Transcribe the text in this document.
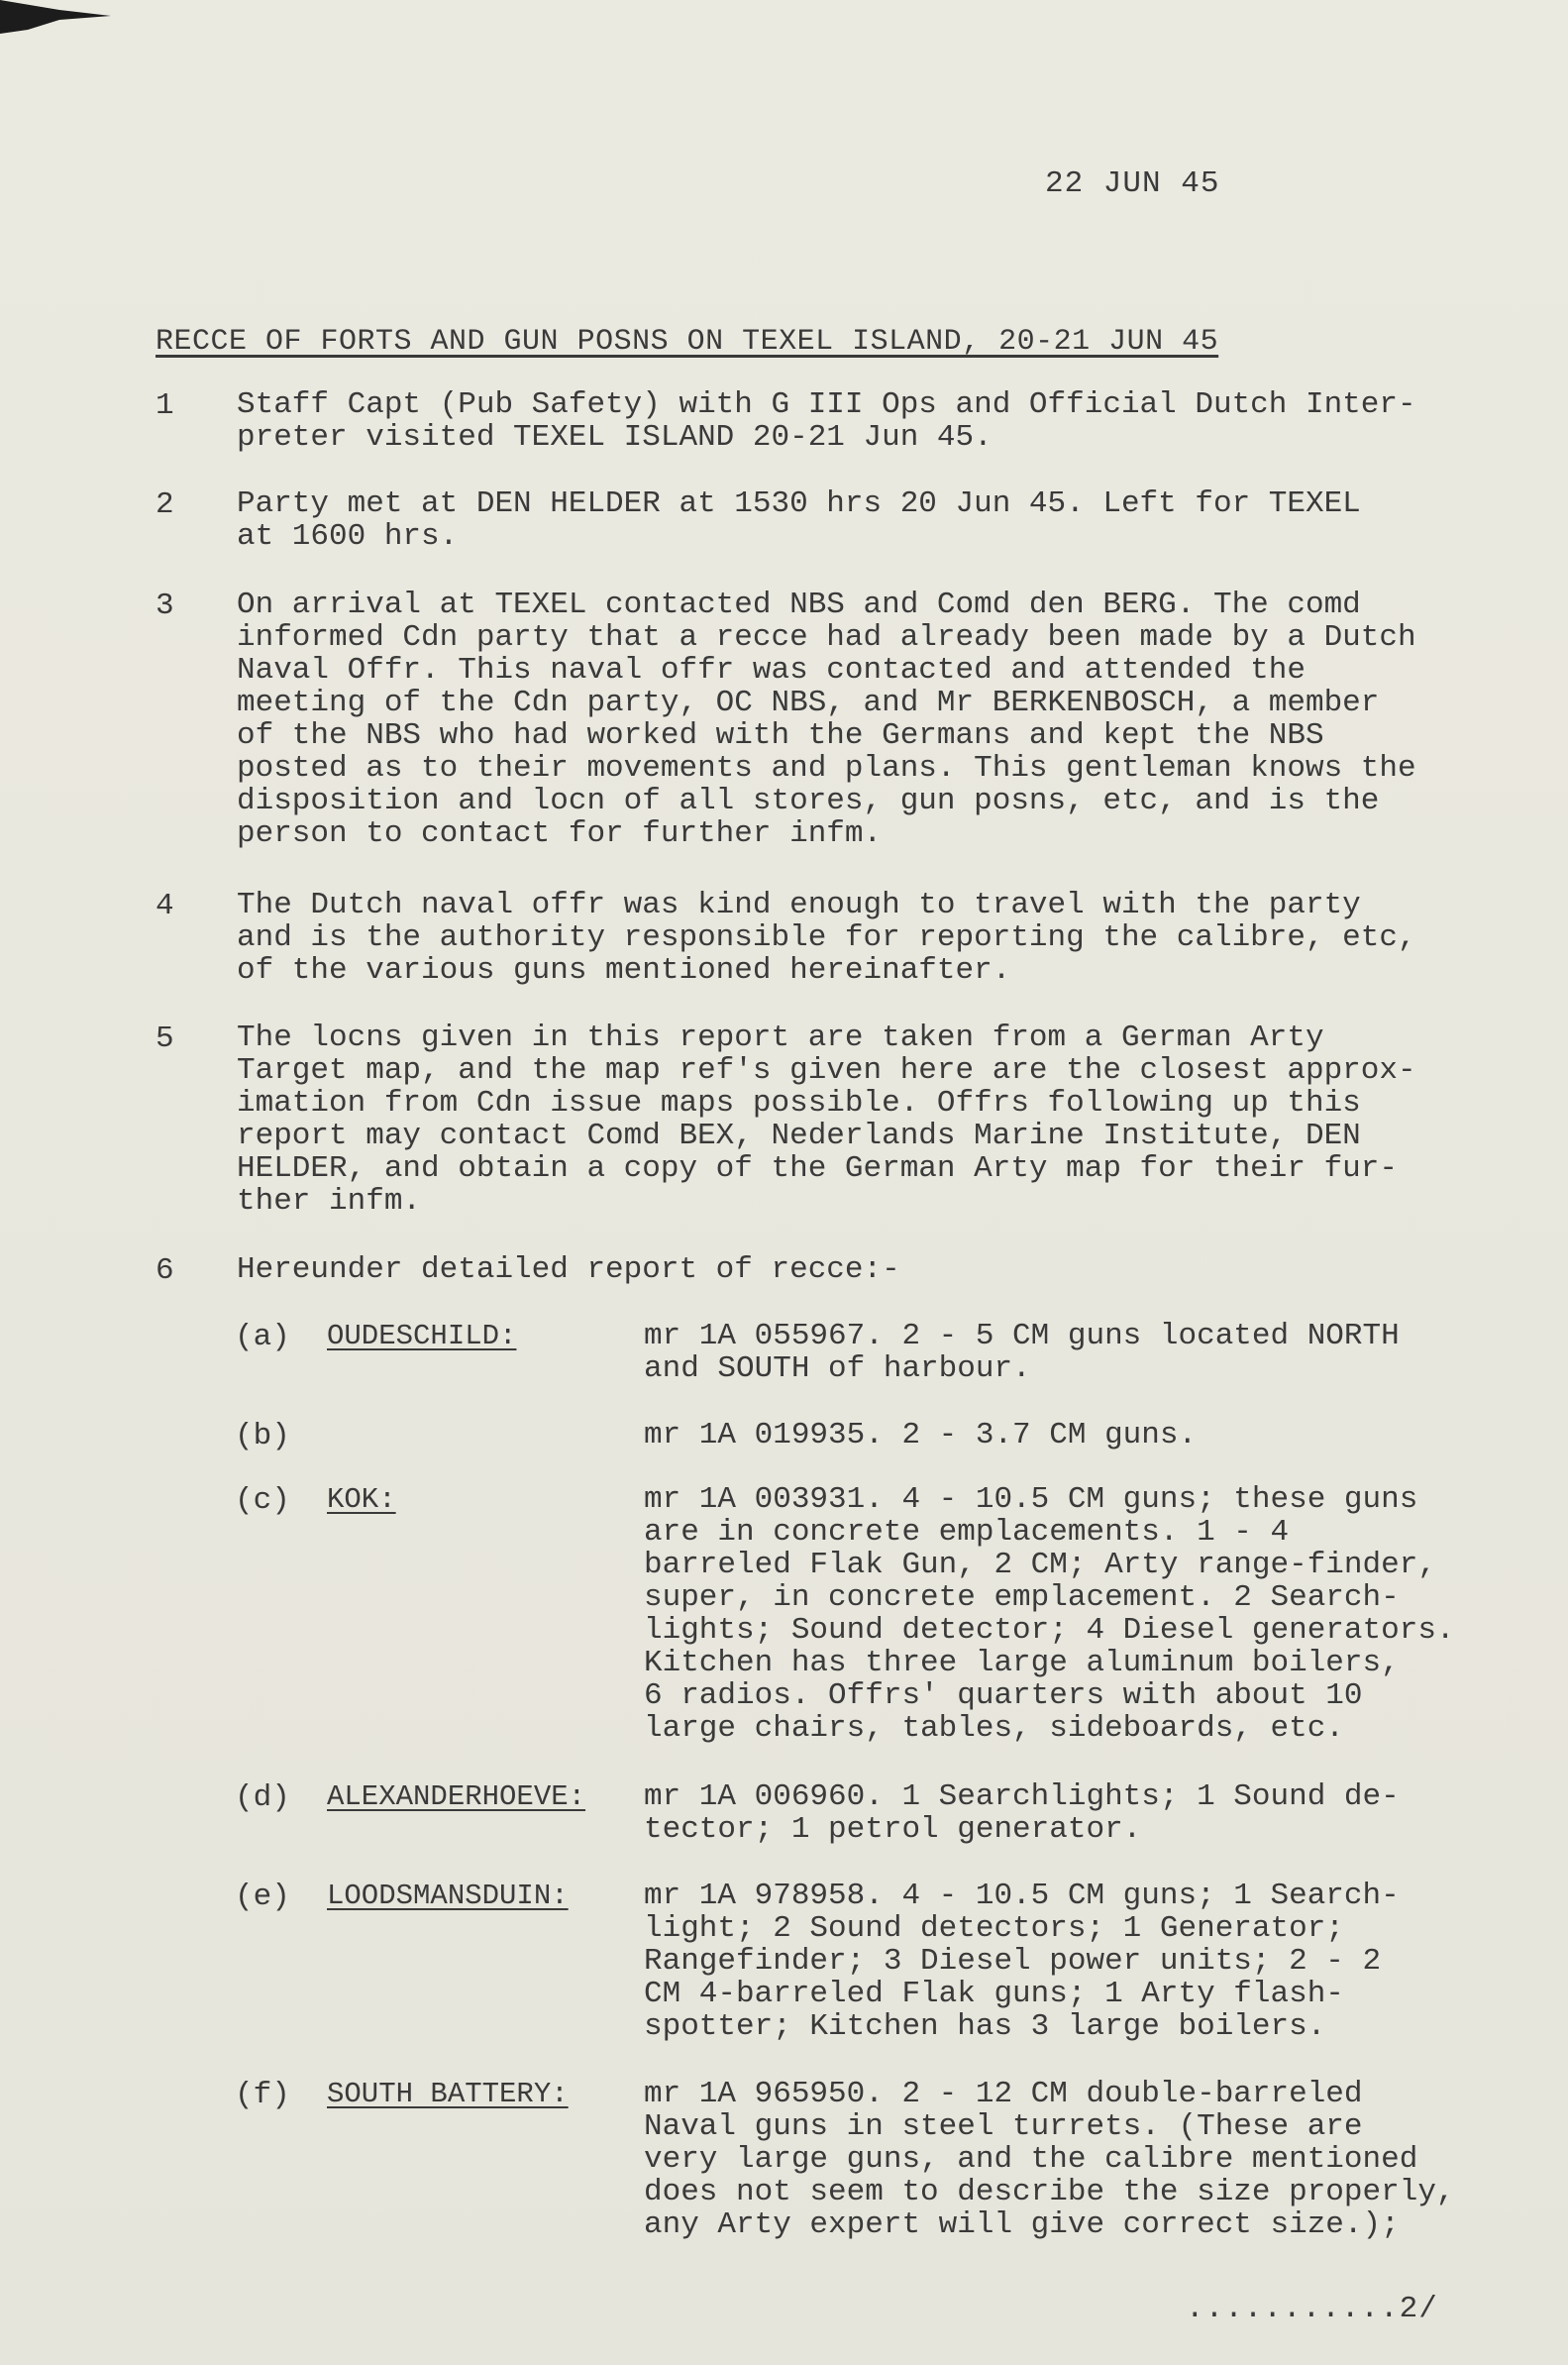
22 JUN 45
RECCE OF FORTS AND GUN POSNS ON TEXEL ISLAND, 20-21 JUN 45
1 Staff Capt (Pub Safety) with G III Ops and Official Dutch Inter-
preter visited TEXEL ISLAND 20-21 Jun 45.
2 Party met at DEN HELDER at 1530 hrs 20 Jun 45. Left for TEXEL
at 1600 hrs.
3 On arrival at TEXEL contacted NBS and Comd den BERG. The comd
informed Cdn party that a recce had already been made by a Dutch
Naval Offr. This naval offr was contacted and attended the
meeting of the Cdn party, OC NBS, and Mr BERKENBOSCH, a member
of the NBS who had worked with the Germans and kept the NBS
posted as to their movements and plans. This gentleman knows the
disposition and locn of all stores, gun posns, etc, and is the
person to contact for further infm.
4 The Dutch naval offr was kind enough to travel with the party
and is the authority responsible for reporting the calibre, etc,
of the various guns mentioned hereinafter.
5 The locns given in this report are taken from a German Arty
Target map, and the map ref's given here are the closest approx-
imation from Cdn issue maps possible. Offrs following up this
report may contact Comd BEX, Nederlands Marine Institute, DEN
HELDER, and obtain a copy of the German Arty map for their fur-
ther infm.
6 Hereunder detailed report of recce:-
(a) OUDESCHILD:	mr 1A 055967. 2 - 5 CM guns located NORTH
and SOUTH of harbour.
(b)	mr 1A 019935. 2 - 3.7 CM guns.
(c) KOK:	mr 1A 003931. 4 - 10.5 CM guns; these guns
are in concrete emplacements. 1 - 4
barreled Flak Gun, 2 CM; Arty range-finder,
super, in concrete emplacement. 2 Search-
lights; Sound detector; 4 Diesel generators.
Kitchen has three large aluminum boilers,
6 radios. Offrs' quarters with about 10
large chairs, tables, sideboards, etc.
(d) ALEXANDERHOEVE: mr 1A 006960. 1 Searchlights; 1 Sound de-
tector; 1 petrol generator.
(e) LOODSMANSDUIN: mr 1A 978958. 4 - 10.5 CM guns; 1 Search-
light; 2 Sound detectors; 1 Generator;
Rangefinder; 3 Diesel power units; 2 - 2
CM 4-barreled Flak guns; 1 Arty flash-
spotter; Kitchen has 3 large boilers.
(f) SOUTH BATTERY: mr 1A 965950. 2 - 12 CM double-barreled
Naval guns in steel turrets. (These are
very large guns, and the calibre mentioned
does not seem to describe the size properly,
any Arty expert will give correct size.);
...........2/
